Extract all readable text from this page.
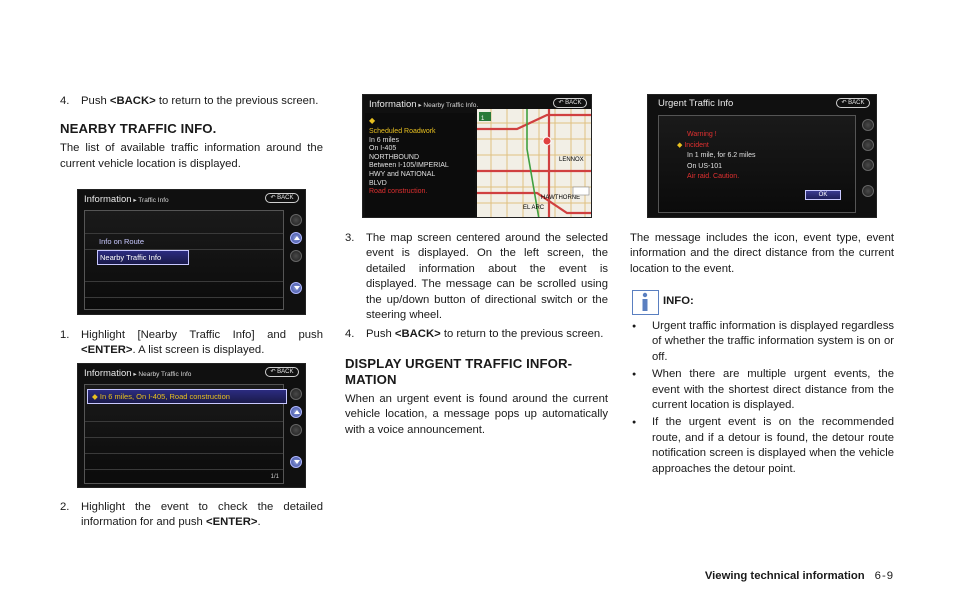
4. Push <BACK> to return to the previous screen.
NEARBY TRAFFIC INFO.
The list of available traffic information around the current vehicle location is displayed.
Information ▸ Traffic Info	↶ BACK
Info on Route
Nearby Traffic Info
1. Highlight [Nearby Traffic Info] and push <ENTER>. A list screen is displayed.
Information ▸ Nearby Traffic Info	↶ BACK
◆ In 6 miles, On I-405, Road construction
1/1
2. Highlight the event to check the detailed information for and push <ENTER>.
Information ▸ Nearby Traffic Info.	↶ BACK
◆
Scheduled Roadwork
In 6 miles
On I-405
NORTHBOUND
Between I-105/IMPERIAL
HWY and NATIONAL
BLVD
Road construction.
1
LENNOX
HAWTHORNE
EL ARC
3. The map screen centered around the selected event is displayed. On the left screen, the detailed information about the event is displayed. The message can be scrolled using the up/down button of directional switch or the steering wheel.
4. Push <BACK> to return to the previous screen.
DISPLAY URGENT TRAFFIC INFOR-
MATION
When an urgent event is found around the current vehicle location, a message pops up automatically with a voice announcement.
Urgent Traffic Info	↶ BACK
Warning !
◆ Incident
In 1 mile, for 6.2 miles
On US-101
Air raid. Caution.
OK
The message includes the icon, event type, event information and the direct distance from the current location to the event.
INFO:
● Urgent traffic information is displayed regardless of whether the traffic information system is on or off.
● When there are multiple urgent events, the event with the shortest direct distance from the current location is displayed.
● If the urgent event is on the recommended route, and if a detour is found, the detour route notification screen is displayed when the vehicle approaches the detour point.
Viewing technical information 6-9
